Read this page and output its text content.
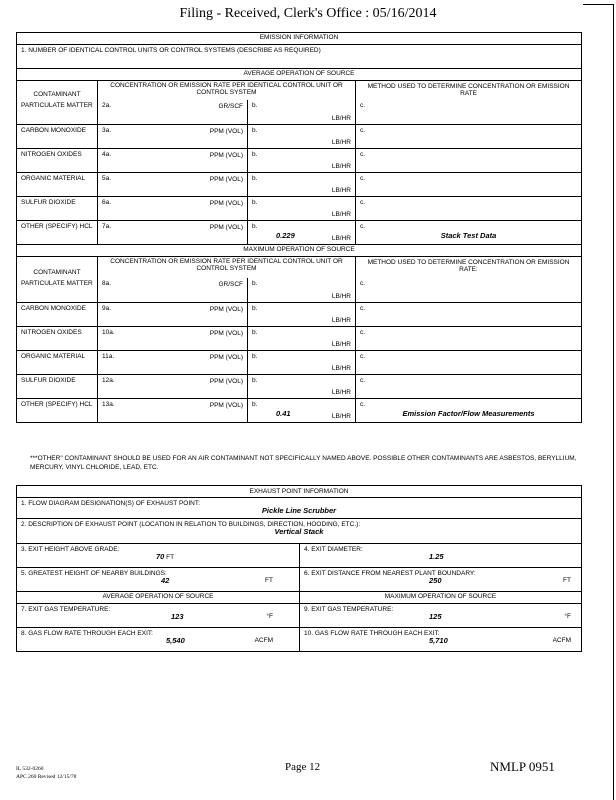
Filing - Received, Clerk's Office : 05/16/2014
EMISSION INFORMATION
1. NUMBER OF IDENTICAL CONTROL UNITS OR CONTROL SYSTEMS (DESCRIBE AS REQUIRED)
AVERAGE OPERATION OF SOURCE
CONTAMINANT
CONCENTRATION OR EMISSION RATE PER IDENTICAL CONTROL UNIT OR CONTROL SYSTEM
METHOD USED TO DETERMINE CONCENTRATION OR EMISSION RATE
PARTICULATE MATTER	2a.	GR/SCF	b.
LB/HR
c.
CARBON MONOXIDE	3a.	PPM (VOL)	b.
LB/HR
c.
NITROGEN OXIDES	4a.	PPM (VOL)	b.
LB/HR
c.
ORGANIC MATERIAL	5a.	PPM (VOL)	b.
LB/HR
c.
SULFUR DIOXIDE	6a.	PPM (VOL)	b.
LB/HR
c.
OTHER (SPECIFY) HCL	7a.	PPM (VOL)	b.
0.229	LB/HR
c.
Stack Test Data
MAXIMUM OPERATION OF SOURCE
CONTAMINANT
CONCENTRATION OR EMISSION RATE PER IDENTICAL CONTROL UNIT OR CONTROL SYSTEM
METHOD USED TO DETERMINE CONCENTRATION OR EMISSION RATE:
PARTICULATE MATTER	8a.	GR/SCF	b.
LB/HR
c.
CARBON MONOXIDE	9a.	PPM (VOL)	b.
LB/HR
c.
NITROGEN OXIDES	10a.	PPM (VOL)	b.
LB/HR
c.
ORGANIC MATERIAL	11a.	PPM (VOL)	b.
LB/HR
c.
SULFUR DIOXIDE	12a.	PPM (VOL)	b.
LB/HR
c.
OTHER (SPECIFY) HCL	13a.	PPM (VOL)	b.
0.41	LB/HR
c.
Emission Factor/Flow Measurements
***OTHER" CONTAMINANT SHOULD BE USED FOR AN AIR CONTAMINANT NOT SPECIFICALLY NAMED ABOVE. POSSIBLE OTHER CONTAMINANTS ARE ASBESTOS, BERYLLIUM, MERCURY, VINYL CHLORIDE, LEAD, ETC.
EXHAUST POINT INFORMATION
1. FLOW DIAGRAM DESIGNATION(S) OF EXHAUST POINT:
Pickle Line Scrubber
2. DESCRIPTION OF EXHAUST POINT (LOCATION IN RELATION TO BUILDINGS, DIRECTION, HOODING, ETC.):
Vertical Stack
3. EXIT HEIGHT ABOVE GRADE:
70 FT
4. EXIT DIAMETER:
1.25
5. GREATEST HEIGHT OF NEARBY BUILDINGS:
42	FT
6. EXIT DISTANCE FROM NEAREST PLANT BOUNDARY:
250	FT
AVERAGE OPERATION OF SOURCE	MAXIMUM OPERATION OF SOURCE
7. EXIT GAS TEMPERATURE:
123	°F
9. EXIT GAS TEMPERATURE:
125	°F
8. GAS FLOW RATE THROUGH EACH EXIT:
5,540	ACFM
10. GAS FLOW RATE THROUGH EACH EXIT:
5,710	ACFM
IL 532-0260
APC 260 Revised 12/15/78
Page 12	NMLP 0951
